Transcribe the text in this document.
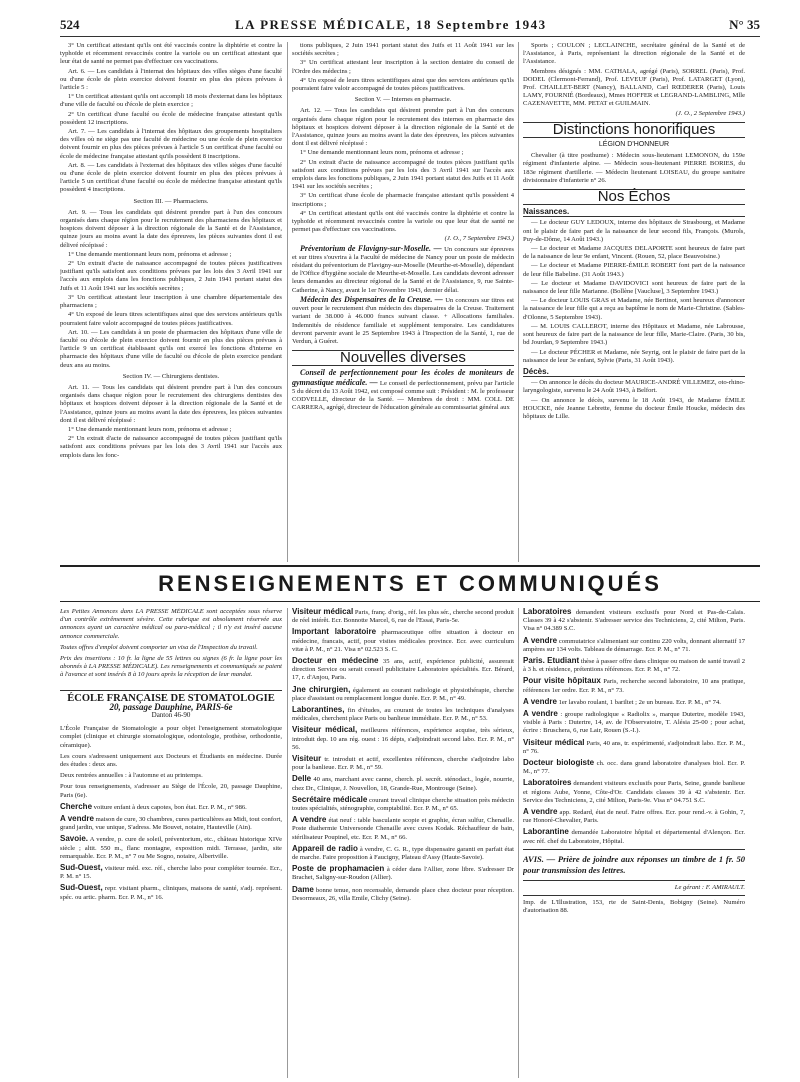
524	LA PRESSE MÉDICALE, 18 Septembre 1943	N° 35

3° Un certificat attestant qu'ils ont été vaccinés contre la diphtérie et contre la typhoïde et récemment revaccinés contre la variole ou un certificat attestant que leur état de santé ne permet pas d'effectuer ces vaccinations.

Art. 6. — Les candidats à l'internat des hôpitaux des villes sièges d'une faculté ou d'une école de plein exercice doivent fournir en plus des pièces prévues à l'article 5 :

1° Un certificat attestant qu'ils ont accompli 18 mois d'externat dans les hôpitaux d'une ville de faculté ou d'école de plein exercice ;

2° Un certificat d'une faculté ou école de médecine française attestant qu'ils possèdent 12 inscriptions.

Art. 7. — Les candidats à l'internat des hôpitaux des groupements hospitaliers des villes où ne siège pas une faculté de médecine ou une école de plein exercice doivent fournir en plus des pièces prévues à l'article 5 un certificat d'une faculté ou école de médecine française attestant qu'ils possèdent 8 inscriptions.

Art. 8. — Les candidats à l'externat des hôpitaux des villes sièges d'une faculté ou d'une école de plein exercice doivent fournir en plus des pièces prévues à l'article 5 un certificat d'une faculté ou école de médecine française attestant qu'ils possèdent 4 inscriptions.

Section III. — Pharmaciens.

Art. 9. — Tous les candidats qui désirent prendre part à l'un des concours organisés dans chaque région pour le recrutement des pharmaciens des hôpitaux et hospices doivent déposer à la direction régionale de la Santé et de l'Assistance, quinze jours au moins avant la date des épreuves, les pièces suivantes dont il est délivré récépissé :

1° Une demande mentionnant leurs nom, prénoms et adresse ;

2° Un extrait d'acte de naissance accompagné de toutes pièces justificatives justifiant qu'ils satisfont aux conditions prévues par les lois des 3 Avril 1941 sur l'accès aux emplois dans les fonctions publiques, 2 Juin 1941 portant statut des Juifs et 11 Août 1941 sur les sociétés secrètes ;

3° Un certificat attestant leur inscription à une chambre départementale des pharmaciens ;

4° Un exposé de leurs titres scientifiques ainsi que des services antérieurs qu'ils pourraient faire valoir accompagné de toutes pièces justificatives.

Art. 10. — Les candidats à un poste de pharmacien des hôpitaux d'une ville de faculté ou d'école de plein exercice doivent fournir en plus des pièces prévues à l'article 9 un certificat établissant qu'ils ont exercé les fonctions d'interne en pharmacie des hôpitaux d'une ville de faculté ou d'école de plein exercice pendant deux ans au moins.

Section IV. — Chirurgiens dentistes.

Art. 11. — Tous les candidats qui désirent prendre part à l'un des concours organisés dans chaque région pour le recrutement des chirurgiens dentistes des hôpitaux et hospices doivent déposer à la direction régionale de la Santé et de l'Assistance, quinze jours au moins avant la date des épreuves, les pièces suivantes dont il est délivré récépissé :

1° Une demande mentionnant leurs nom, prénoms et adresse ;

2° Un extrait d'acte de naissance accompagné de toutes pièces justifiant qu'ils satisfont aux conditions prévues par les lois des 3 Avril 1941 sur l'accès aux emplois dans les fonc-

tions publiques, 2 Juin 1941 portant statut des Juifs et 11 Août 1941 sur les sociétés secrètes ;

3° Un certificat attestant leur inscription à la section dentaire du conseil de l'Ordre des médecins ;

4° Un exposé de leurs titres scientifiques ainsi que des services antérieurs qu'ils pourraient faire valoir accompagné de toutes pièces justificatives.

Section V. — Internes en pharmacie.

Art. 12. — Tous les candidats qui désirent prendre part à l'un des concours organisés dans chaque région pour le recrutement des internes en pharmacie des hôpitaux et hospices doivent déposer à la direction régionale de la Santé et de l'Assistance, quinze jours au moins avant la date des épreuves, les pièces suivantes dont il est délivré récépissé :

1° Une demande mentionnant leurs nom, prénoms et adresse ;

2° Un extrait d'acte de naissance accompagné de toutes pièces justifiant qu'ils satisfont aux conditions prévues par les lois des 3 Avril 1941 sur l'accès aux emplois dans les fonctions publiques, 2 Juin 1941 portant statut des Juifs et 11 Août 1941 sur les sociétés secrètes ;

3° Un certificat d'une école de pharmacie française attestant qu'ils possèdent 4 inscriptions ;

4° Un certificat attestant qu'ils ont été vaccinés contre la diphtérie et contre la typhoïde et récemment revaccinés contre la variole ou que leur état de santé ne permet pas d'effectuer ces vaccinations.

(J. O., 7 Septembre 1943.)

Préventorium de Flavigny-sur-Moselle. — Un concours sur épreuves et sur titres s'ouvrira à la Faculté de médecine de Nancy pour un poste de médecin résidant du préventorium de Flavigny-sur-Moselle (Meurthe-et-Moselle), dépendant de l'Office d'hygiène sociale de Meurthe-et-Moselle. Les candidats devront adresser leurs demandes au directeur régional de la Santé et de l'Assistance, 9, rue Sainte-Catherine, à Nancy, avant le 1er Novembre 1943, dernier délai.

Médecin des Dispensaires de la Creuse. — Un concours sur titres est ouvert pour le recrutement d'un médecin des dispensaires de la Creuse. Traitement variant de 38.000 à 46.000 francs suivant classe. + Allocations familiales. Indemnités de résidence familiale et supplément temporaire. Les candidatures devront parvenir avant le 25 Septembre 1943 à l'Inspection de la Santé, 1, rue de Verdun, à Guéret.

Nouvelles diverses

Conseil de perfectionnement pour les écoles de moniteurs de gymnastique médicale. — Le conseil de perfectionnement, prévu par l'article 5 du décret du 13 Août 1942, est composé comme suit : Président : M. le professeur CODVELLE, directeur de la Santé. — Membres de droit : MM. COLL DE CARRERA, agrégé, directeur de l'éducation générale au commissariat général aux

Sports ; COULON ; LECLAINCHE, secrétaire général de la Santé et de l'Assistance, à Paris, représentant la direction régionale de la Santé et de l'Assistance.

Membres désignés : MM. CATHALA, agrégé (Paris), SORREL (Paris), Prof. DODEL (Clermont-Ferrand), Prof. LEVEUF (Paris), Prof. LATARGET (Lyon), Prof. CHAILLET-BERT (Nancy), BALLAND, Carl RŒDERER (Paris), Louis LAMY, FOURNIÉ (Bordeaux), Mmes HOFFER et LEGRAND-LAMBLING, Mlle CAZENAVETTE, MM. PETAT et GUILMAIN.

(J. O., 2 Septembre 1943.)

Distinctions honorifiques
LÉGION D'HONNEUR

Chevalier (à titre posthume) : Médecin sous-lieutenant LEMONON, du 159e régiment d'infanterie alpine. — Médecin sous-lieutenant PIERRE BORIES, du 183e régiment d'artillerie. — Médecin lieutenant LOISEAU, du groupe sanitaire divisionnaire d'infanterie n° 26.

Nos Échos
Naissances.

— Le docteur GUY LEDOUX, interne des hôpitaux de Strasbourg, et Madame ont le plaisir de faire part de la naissance de leur second fils, François. (Murols, Puy-de-Dôme, 14 Août 1943.)

— Le docteur et Madame JACQUES DELAPORTE sont heureux de faire part de la naissance de leur 9e enfant, Vincent. (Rouen, 52, place Beauvoisine.)

— Le docteur et Madame PIERRE-ÉMILE ROBERT font part de la naissance de leur fille Babeline. (31 Août 1943.)

— Le docteur et Madame DAVIDOVICI sont heureux de faire part de la naissance de leur fille Marianne. (Bollène [Vaucluse], 3 Septembre 1943.)

— Le docteur LOUIS GRAS et Madame, née Bertinot, sont heureux d'annoncer la naissance de leur fille qui a reçu au baptême le nom de Marie-Christine. (Sables-d'Olonne, 5 Septembre 1943).

— M. LOUIS CALLEROT, interne des Hôpitaux et Madame, née Labrousse, sont heureux de faire part de la naissance de leur fille, Marie-Claire. (Paris, 30 bis, bd Jourdan, 9 Septembre 1943.)

— Le docteur PÉCHER et Madame, née Seyrig, ont le plaisir de faire part de la naissance de leur 3e enfant, Sylvie (Paris, 31 Août 1943).

Décès.

— On annonce le décès du docteur MAURICE-ANDRÉ VILLEMEZ, oto-rhino-laryngologiste, survenu le 24 Août 1943, à Belfort.

— On annonce le décès, survenu le 18 Août 1943, de Madame ÉMILE HOUCKE, née Jeanne Lebrette, femme du docteur Émile Houcke, médecin des hôpitaux de Lille.

RENSEIGNEMENTS ET COMMUNIQUÉS

Les Petites Annonces dans LA PRESSE MÉDICALE sont acceptées sous réserve d'un contrôle extrêmement sévère. Cette rubrique est absolument réservée aux annonces ayant un caractère médical ou para-médical ; il n'y est inséré aucune annonce commerciale.

Toutes offres d'emploi doivent comporter un visa de l'Inspection du travail.

Prix des insertions : 10 fr. la ligne de 55 lettres ou signes (6 fr. la ligne pour les abonnés à LA PRESSE MÉDICALE). Les renseignements et communiqués se paient à l'avance et sont insérés 8 à 10 jours après la réception de leur mandat.

ÉCOLE FRANÇAISE DE STOMATOLOGIE
20, passage Dauphine, PARIS-6e
Danton 46-90

L'École Française de Stomatologie a pour objet l'enseignement stomatologique complet (clinique et chirurgie stomatologique, odontologie, prothèse, orthodontie, céramique).

Les cours s'adressent uniquement aux Docteurs et Étudiants en médecine. Durée des études : deux ans.

Deux rentrées annuelles : à l'automne et au printemps.

Pour tous renseignements, s'adresser au Siège de l'École, 20, passage Dauphine, Paris (6e).

Cherche voiture enfant à deux capotes, bon état. Ecr. P. M., n° 986.

A vendre maison de cure, 30 chambres, cures particulières au Midi, tout confort, grand jardin, vue unique, S'adress. Me Bouvet, notaire, Hauteville (Ain).

Savoie. A vendre, p. cure de soleil, préventorium, etc., château historique XIVe siècle ; altit. 550 m., flanc montagne, exposition midi. Terrasse, jardin, site remarquable. Ecr. P. M., n° 7 ou Me Sogno, notaire, Albertville.

Sud-Ouest, visiteur méd. exc. réf., cherche labo pour compléter tournée. Ecr., P. M. n° 15.

Sud-Ouest, repr. visitant pharm., cliniques, maisons de santé, s'adj. représent. spéc. ou artic. pharm. Ecr. P. M., n° 16.

Visiteur médical Paris, franç. d'orig., réf. les plus sér., cherche second produit de réel intérêt. Ecr. Bonnotte Marcel, 6, rue de l'Essai, Paris-5e.

Important laboratoire pharmaceutique offre situation à docteur en médecine, francais, actif, pour visites médicales province. Ecr. avec curriculum vitæ à P. M., n° 21. Visa n° 02.523 S. C.

Docteur en médecine 35 ans, actif, expérience publicité, assurerait direction Service ou serait conseil publicitaire Laboratoire spécialités. Ecr. Bérard, 17, r. d'Anjou, Paris.

Jne chirurgien, également au courant radiologie et physiothérapie, cherche place d'assistant ou remplacement longue durée. Ecr. P. M., n° 49.

Laborantines, fin d'études, au courant de toutes les techniques d'analyses médicales, cherchent place Paris ou banlieue immédiate. Ecr. P. M., n° 53.

Visiteur médical, meilleures références, expérience acquise, très sérieux, introduit dep. 10 ans rég. ouest : 16 dépts, s'adjoindrait second labo. Ecr. P. M., n° 56.

Visiteur tr. introduit et actif, excellentes références, cherche s'adjoindre labo pour la banlieue. Ecr. P. M., n° 59.

Delle 40 ans, marchant avec canne, cherch. pl. secrét. sténodact., logée, nourrie, chez Dr., Clinique, J. Nouvellon, 18, Grande-Rue, Montrouge (Seine).

Secrétaire médicale courant travail clinique cherche situation près médecin toutes spécialités, sténographie, comptabilité. Ecr. P. M., n° 65.

A vendre état neuf : table basculante scopie et graphie, écran sulfur, Chenaille. Poste diathermie Universonde Chenaille avec cuves Kodak. Réchauffeur de bain, stérilisateur Poupinel, etc. Ecr. P. M., n° 66.

Appareil de radio à vendre, C. G. R., type dispensaire garanti en parfait état de marche. Faire proposition à Faucigny, Plateau d'Assy (Haute-Savoie).

Poste de prophamacien à céder dans l'Allier, zone libre. S'adresser Dr Brachet, Saligny-sur-Roudon (Allier).

Dame bonne tenue, non recensable, demande place chez docteur pour réception. Desormeaux, 26, villa Emile, Clichy (Seine).

Laboratoires demandent visiteurs exclusifs pour Nord et Pas-de-Calais. Classes 39 à 42 s'abstenir. S'adresser service des Techniciens, 2, cité Milton, Paris. Visa n° 04.389 S.C.

A vendre commutatrice s'alimentant sur continu 220 volts, donnant alternatif 17 ampères sur 134 volts. Tableau de démarrage. Ecr. P. M., n° 71.

Paris. Etudiant thèse à passer offre dans clinique ou maison de santé travail 2 à 3 h. et résidence, prétentions références. Ecr. P. M., n° 72.

Pour visite hôpitaux Paris, recherche second laboratoire, 10 ans pratique, références 1er ordre. Ecr. P. M., n° 73.

A vendre 1er lavabo roulant, 1 bariltet ; 2e un bureau. Ecr. P. M., n° 74.

A vendre : groupe radiologique « Radiolix », marque Dutertre, modèle 1943, visible à Paris : Dutertre, 14, av. de l'Observatoire, T. Alésia 25-00 ; pour achat, écrire : Bruschera, 6, rue Lair, Rouen (S.-I.).

Visiteur médical Paris, 40 ans, tr. expérimenté, s'adjoindrait labo. Ecr. P. M., n° 76.

Docteur biologiste ch. occ. dans grand laboratoire d'analyses biol. Ecr. P. M., n° 77.

Laboratoires demandent visiteurs exclusifs pour Paris, Seine, grande banlieue et régions Aube, Yonne, Côte-d'Or. Candidats classes 39 à 42 s'abstenir. Ecr. Service des Techniciens, 2, cité Milton, Paris-9e. Visa n° 04.751 S.C.

A vendre app. Redard, état de neuf. Faire offres. Ecr. pour rend.-v. à Gohin, 7, rue Honoré-Chevalier, Paris.

Laborantine demandée Laboratoire hôpital et départemental d'Alençon. Ecr. avec réf. chef du Laboratoire, Hôpital.

AVIS. — Prière de joindre aux réponses un timbre de 1 fr. 50 pour transmission des lettres.

Le gérant : F. AMIRAULT.

Imp. de L'Illustration, 153, rte de Saint-Denis, Bobigny (Seine). Numéro d'autorisation 88.
